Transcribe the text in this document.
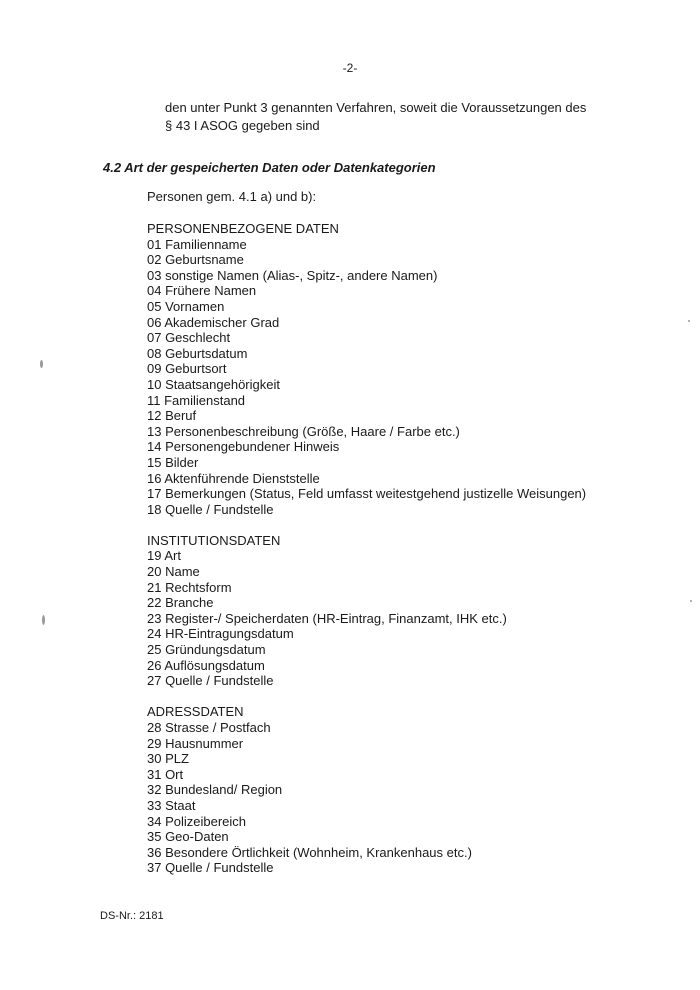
-2-
den unter Punkt 3 genannten Verfahren, soweit die Voraussetzungen des
§ 43 I ASOG gegeben sind
4.2 Art der gespeicherten Daten oder Datenkategorien
Personen gem. 4.1 a) und b):
PERSONENBEZOGENE DATEN
01 Familienname
02 Geburtsname
03 sonstige Namen (Alias-, Spitz-, andere Namen)
04 Frühere Namen
05 Vornamen
06 Akademischer Grad
07 Geschlecht
08 Geburtsdatum
09 Geburtsort
10 Staatsangehörigkeit
11 Familienstand
12 Beruf
13 Personenbeschreibung (Größe, Haare / Farbe etc.)
14 Personengebundener Hinweis
15 Bilder
16 Aktenführende Dienststelle
17 Bemerkungen (Status, Feld umfasst weitestgehend justizelle Weisungen)
18 Quelle / Fundstelle
INSTITUTIONSDATEN
19 Art
20 Name
21 Rechtsform
22 Branche
23 Register-/ Speicherdaten (HR-Eintrag, Finanzamt, IHK etc.)
24 HR-Eintragungsdatum
25 Gründungsdatum
26 Auflösungsdatum
27 Quelle / Fundstelle
ADRESSDATEN
28 Strasse / Postfach
29 Hausnummer
30 PLZ
31 Ort
32 Bundesland/ Region
33 Staat
34 Polizeibereich
35 Geo-Daten
36 Besondere Örtlichkeit (Wohnheim, Krankenhaus etc.)
37 Quelle / Fundstelle
DS-Nr.: 2181
